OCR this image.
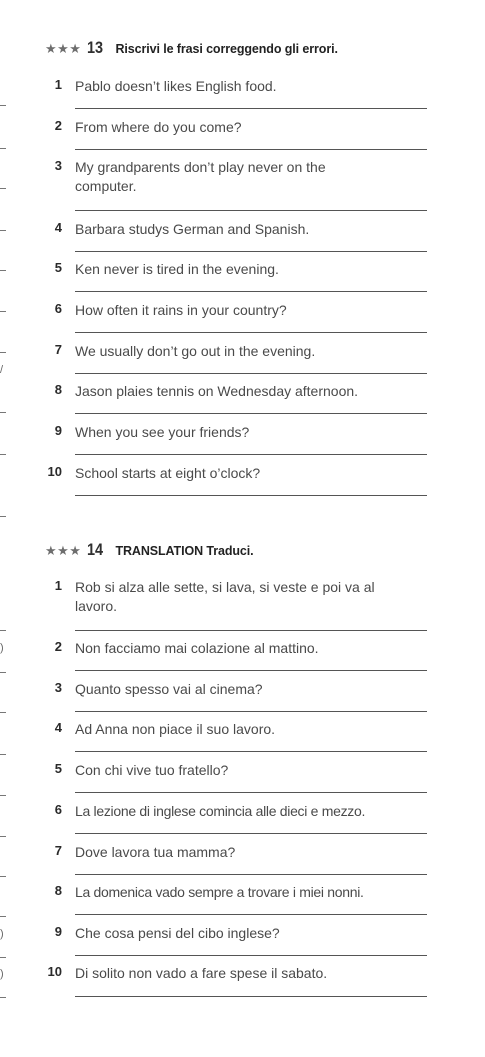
/
)
)
)
★★★ 13 Riscrivi le frasi correggendo gli errori.
1 Pablo doesn’t likes English food.
2 From where do you come?
3 My grandparents don’t play never on the computer.
4 Barbara studys German and Spanish.
5 Ken never is tired in the evening.
6 How often it rains in your country?
7 We usually don’t go out in the evening.
8 Jason plaies tennis on Wednesday afternoon.
9 When you see your friends?
10 School starts at eight o’clock?
★★★ 14 TRANSLATION Traduci.
1 Rob si alza alle sette, si lava, si veste e poi va al lavoro.
2 Non facciamo mai colazione al mattino.
3 Quanto spesso vai al cinema?
4 Ad Anna non piace il suo lavoro.
5 Con chi vive tuo fratello?
6 La lezione di inglese comincia alle dieci e mezzo.
7 Dove lavora tua mamma?
8 La domenica vado sempre a trovare i miei nonni.
9 Che cosa pensi del cibo inglese?
10 Di solito non vado a fare spese il sabato.
